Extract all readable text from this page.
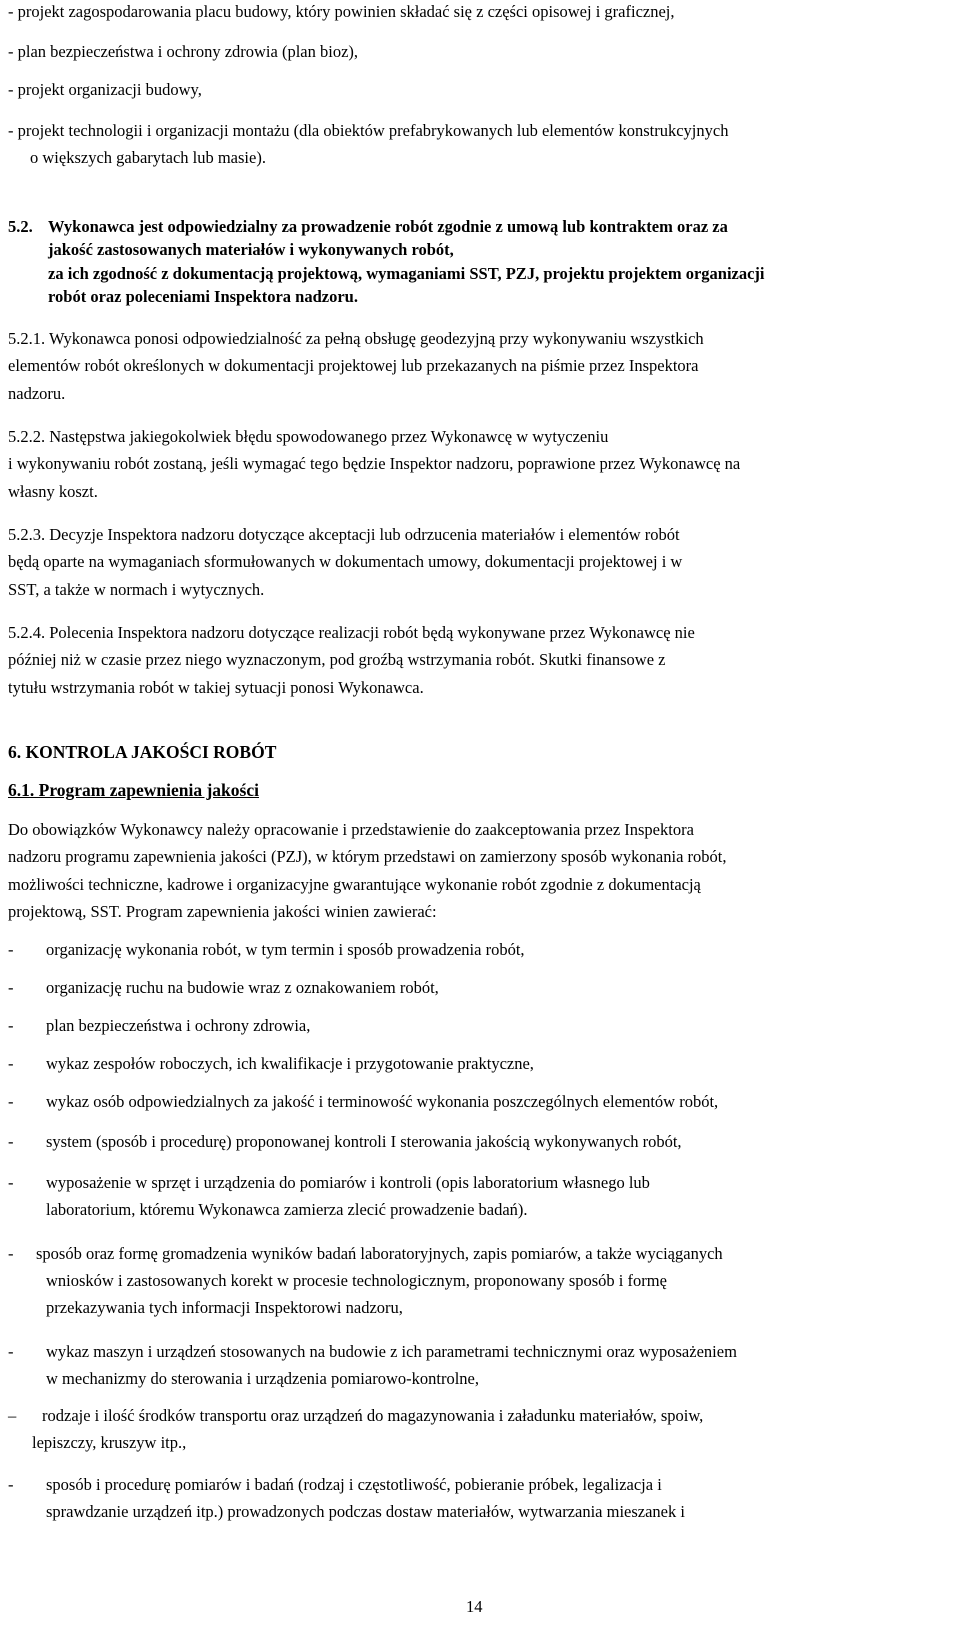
- projekt zagospodarowania placu budowy, który powinien składać się z części opisowej i graficznej,
- plan bezpieczeństwa i ochrony zdrowia (plan bioz),
- projekt organizacji budowy,
- projekt technologii i organizacji montażu (dla obiektów prefabrykowanych lub elementów konstrukcyjnych
o większych gabarytach lub masie).
5.2. Wykonawca jest odpowiedzialny za prowadzenie robót zgodnie z umową lub kontraktem oraz za
jakość zastosowanych materiałów i wykonywanych robót,
za ich zgodność z dokumentacją projektową, wymaganiami SST, PZJ, projektu projektem organizacji
robót oraz poleceniami Inspektora nadzoru.
5.2.1. Wykonawca ponosi odpowiedzialność za pełną obsługę geodezyjną przy wykonywaniu wszystkich
elementów robót określonych w dokumentacji projektowej lub przekazanych na piśmie przez Inspektora
nadzoru.
5.2.2. Następstwa jakiegokolwiek błędu spowodowanego przez Wykonawcę w wytyczeniu
i wykonywaniu robót zostaną, jeśli wymagać tego będzie Inspektor nadzoru, poprawione przez Wykonawcę na
własny koszt.
5.2.3. Decyzje Inspektora nadzoru dotyczące akceptacji lub odrzucenia materiałów i elementów robót
będą oparte na wymaganiach sformułowanych w dokumentach umowy, dokumentacji projektowej i w
SST, a także w normach i wytycznych.
5.2.4. Polecenia Inspektora nadzoru dotyczące realizacji robót będą wykonywane przez Wykonawcę nie
później niż w czasie przez niego wyznaczonym, pod groźbą wstrzymania robót. Skutki finansowe z
tytułu wstrzymania robót w takiej sytuacji ponosi Wykonawca.
6. KONTROLA JAKOŚCI ROBÓT
6.1. Program zapewnienia jakości
Do obowiązków Wykonawcy należy opracowanie i przedstawienie do zaakceptowania przez Inspektora
nadzoru programu zapewnienia jakości (PZJ), w którym przedstawi on zamierzony sposób wykonania robót,
możliwości techniczne, kadrowe i organizacyjne gwarantujące wykonanie robót zgodnie z dokumentacją
projektową, SST. Program zapewnienia jakości winien zawierać:
- organizację wykonania robót, w tym termin i sposób prowadzenia robót,
- organizację ruchu na budowie wraz z oznakowaniem robót,
- plan bezpieczeństwa i ochrony zdrowia,
- wykaz zespołów roboczych, ich kwalifikacje i przygotowanie praktyczne,
- wykaz osób odpowiedzialnych za jakość i terminowość wykonania poszczególnych elementów robót,
- system (sposób i procedurę) proponowanej kontroli I sterowania jakością wykonywanych robót,
- wyposażenie w sprzęt i urządzenia do pomiarów i kontroli (opis laboratorium własnego lub
laboratorium, któremu Wykonawca zamierza zlecić prowadzenie badań).
- sposób oraz formę gromadzenia wyników badań laboratoryjnych, zapis pomiarów, a także wyciąganych
wniosków i zastosowanych korekt w procesie technologicznym, proponowany sposób i formę
przekazywania tych informacji Inspektorowi nadzoru,
- wykaz maszyn i urządzeń stosowanych na budowie z ich parametrami technicznymi oraz wyposażeniem
w mechanizmy do sterowania i urządzenia pomiarowo-kontrolne,
– rodzaje i ilość środków transportu oraz urządzeń do magazynowania i załadunku materiałów, spoiw,
lepiszczy, kruszyw itp.,
- sposób i procedurę pomiarów i badań (rodzaj i częstotliwość, pobieranie próbek, legalizacja i
sprawdzanie urządzeń itp.) prowadzonych podczas dostaw materiałów, wytwarzania mieszanek i
14
